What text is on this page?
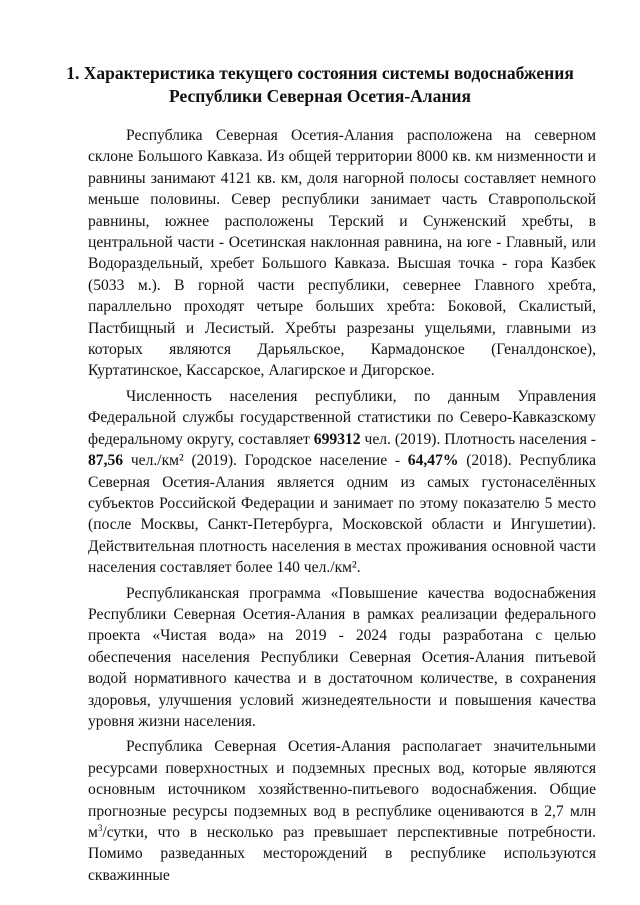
1. Характеристика текущего состояния системы водоснабжения
Республики Северная Осетия-Алания

Республика Северная Осетия-Алания расположена на северном склоне Большого Кавказа. Из общей территории 8000 кв. км низменности и равнины занимают 4121 кв. км, доля нагорной полосы составляет немного меньше половины. Север республики занимает часть Ставропольской равнины, южнее расположены Терский и Сунженский хребты, в центральной части - Осетинская наклонная равнина, на юге - Главный, или Водораздельный, хребет Большого Кавказа. Высшая точка - гора Казбек (5033 м.). В горной части республики, севернее Главного хребта, параллельно проходят четыре больших хребта: Боковой, Скалистый, Пастбищный и Лесистый. Хребты разрезаны ущельями, главными из которых являются Дарьяльское, Кармадонское (Геналдонское), Куртатинское, Кассарское, Алагирское и Дигорское.

Численность населения республики, по данным Управления Федеральной службы государственной статистики по Северо-Кавказскому федеральному округу, составляет 699312 чел. (2019). Плотность населения - 87,56 чел./км² (2019). Городское население - 64,47% (2018). Республика Северная Осетия-Алания является одним из самых густонаселённых субъектов Российской Федерации и занимает по этому показателю 5 место (после Москвы, Санкт-Петербурга, Московской области и Ингушетии). Действительная плотность населения в местах проживания основной части населения составляет более 140 чел./км².

Республиканская программа «Повышение качества водоснабжения Республики Северная Осетия-Алания в рамках реализации федерального проекта «Чистая вода» на 2019 - 2024 годы разработана с целью обеспечения населения Республики Северная Осетия-Алания питьевой водой нормативного качества и в достаточном количестве, в сохранения здоровья, улучшения условий жизнедеятельности и повышения качества уровня жизни населения.

Республика Северная Осетия-Алания располагает значительными ресурсами поверхностных и подземных пресных вод, которые являются основным источником хозяйственно-питьевого водоснабжения. Общие прогнозные ресурсы подземных вод в республике оцениваются в 2,7 млн $м^3$/сутки, что в несколько раз превышает перспективные потребности. Помимо разведанных месторождений в республике используются скважинные
